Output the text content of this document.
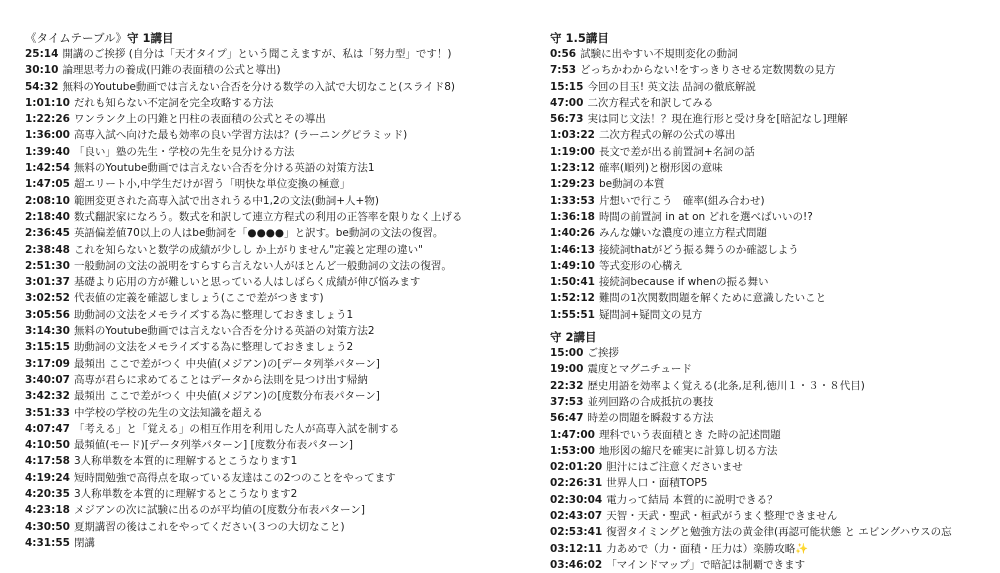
《タイムテーブル》守 1講目
25:14 開講のご挨拶 (自分は「天才タイプ」という聞こえますが、私は「努力型」です！)
30:10 論理思考力の養成(円錐の表面積の公式と導出)
54:32 無料のYoutube動画では言えない合否を分ける数学の入試で大切なこと(スライド8)
1:01:10 だれも知らない不定詞を完全攻略する方法
1:22:26 ワンランク上の円錐と円柱の表面積の公式とその導出
1:36:00 高専入試へ向けた最も効率の良い学習方法は？(ラーニングピラミッド)
1:39:40 「良い」塾の先生・学校の先生を見分ける方法
1:42:54 無料のYoutube動画では言えない合否を分ける英語の対策方法1
1:47:05 超エリート小,中学生だけが習う「明快な単位変換の極意」
2:08:10 範囲変更された高専入試で出されうる中1,2の文法(動詞+人+物)
2:18:40 数式翻訳家になろう。数式を和訳して連立方程式の利用の正答率を限りなく上げる
2:36:45 英語偏差値70以上の人はbe動詞を「●●●●」と訳す。be動詞の文法の復習。
2:38:48 これを知らないと数学の成績が少しし か上がりません"定義と定理の違い"
2:51:30 一般動詞の文法の説明をすらすら言えない人がほとんど一般動詞の文法の復習。
3:01:37 基礎より応用の方が難しいと思っている人はしばらく成績が伸び悩みます
3:02:52 代表値の定義を確認しましょう(ここで差がつきます)
3:05:56 助動詞の文法をメモライズする為に整理しておきましょう1
3:14:30 無料のYoutube動画では言えない合否を分ける英語の対策方法2
3:15:15 助動詞の文法をメモライズする為に整理しておきましょう2
3:17:09 最頻出 ここで差がつく 中央値(メジアン)の[データ列挙パターン]
3:40:07 高専が君らに求めてることはデータから法則を見つけ出す帰納
3:42:32 最頻出 ここで差がつく 中央値(メジアン)の[度数分布表パターン]
3:51:33 中学校の学校の先生の文法知識を超える
4:07:47 「考える」と「覚える」の相互作用を利用した人が高専入試を制する
4:10:50 最頻値(モード)[データ列挙パターン] [度数分布表パターン]
4:17:58 3人称単数を本質的に理解するとこうなります1
4:19:24 短時間勉強で高得点を取っている友達はこの2つのことをやってます
4:20:35 3人称単数を本質的に理解するとこうなります2
4:23:18 メジアンの次に試験に出るのが平均値の[度数分布表パターン]
4:30:50 夏期講習の後はこれをやってください(３つの大切なこと)
4:31:55 閉講
守 1.5講目
0:56 試験に出やすい不規則変化の動詞
7:53 どっちかわからない!をすっきりさせる定数関数の見方
15:15 今回の目玉! 英文法 品詞の徹底解説
47:00 二次方程式を和訳してみる
56:73 実は同じ文法！？現在進行形と受け身を[暗記なし]理解
1:03:22 二次方程式の解の公式の導出
1:19:00 長文で差が出る前置詞+名詞の話
1:23:12 確率(順列)と樹形図の意味
1:29:23 be動詞の本質
1:33:53 片想いで行こう　確率(組み合わせ)
1:36:18 時間の前置詞 in at on どれを選べばいいの!?
1:40:26 みんな嫌いな濃度の連立方程式問題
1:46:13 接続詞thatがどう振る舞うのか確認しよう
1:49:10 等式変形の心構え
1:50:41 接続詞because if whenの振る舞い
1:52:12 難問の1次関数問題を解くために意識したいこと
1:55:51 疑問詞+疑問文の見方
守 2講目
15:00 ご挨拶
19:00 震度とマグニチュード
22:32 歴史用語を効率よく覚える(北条,足利,徳川１・３・８代目)
37:53 並列回路の合成抵抗の裏技
56:47 時差の問題を瞬殺する方法
1:47:00 理科でいう表面積とき た時の記述問題
1:53:00 地形図の縮尺を確実に計算し切る方法
02:01:20 胆汁にはご注意くださいませ
02:26:31 世界人口・面積TOP5
02:30:04 電力って結局 本質的に説明できる？
02:43:07 天智・天武・聖武・桓武がうまく整理できません
02:53:41 復習タイミングと勉強方法の黄金律(再認可能状態 と エビングハウスの忘
03:12:11 力あめで（力・面積・圧力は）楽勝攻略✨
03:46:02 「マインドマップ」で暗記は制覇できます
